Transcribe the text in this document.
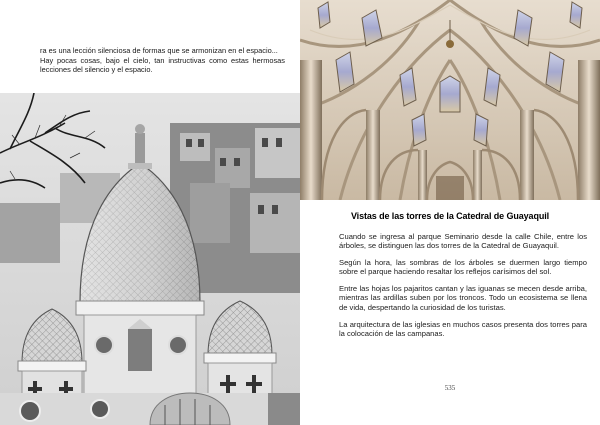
ra es una lección silenciosa de formas que se armonizan en el espacio...

Hay pocas cosas, bajo el cielo, tan instructivas como estas hermosas lecciones del silencio y el espacio.

Vistas de las torres de la Catedral de Guayaquil

Cuando se ingresa al parque Seminario desde la calle Chile, entre los árboles, se distinguen las dos torres de la Catedral de Guayaquil.

Según la hora, las sombras de los árboles se duermen largo tiempo sobre el parque haciendo resaltar los reflejos carísimos del sol.

Entre las hojas los pajaritos cantan y las iguanas se mecen desde arriba, mientras las ardillas suben por los troncos. Todo un ecosistema se llena de vida, despertando la curiosidad de los turistas.

La arquitectura de las iglesias en muchos casos presenta dos torres para la colocación de las campanas.

535
